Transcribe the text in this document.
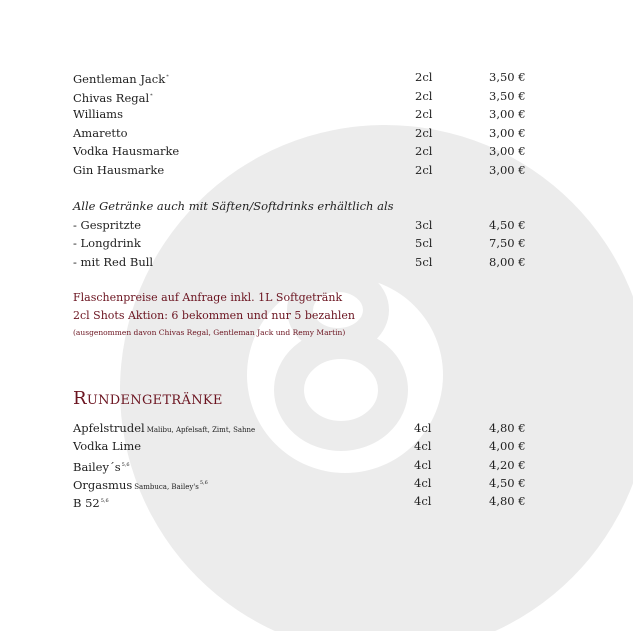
Gentleman Jack*	2cl	3,50 €
Chivas Regal*	2cl	3,50 €
Williams	2cl	3,00 €
Amaretto	2cl	3,00 €
Vodka Hausmarke	2cl	3,00 €
Gin Hausmarke	2cl	3,00 €
Alle Getränke auch mit Säften/Softdrinks erhältlich als
- Gespritzte	3cl	4,50 €
- Longdrink	5cl	7,50 €
- mit Red Bull	5cl	8,00 €
Flaschenpreise auf Anfrage inkl. 1L Softgetränk
2cl Shots Aktion: 6 bekommen und nur 5 bezahlen
(ausgenommen davon Chivas Regal, Gentleman Jack und Remy Martin)
Rundengetränke
Apfelstrudel Malibu, Apfelsaft, Zimt, Sahne	4cl	4,80 €
Vodka Lime	4cl	4,00 €
$Bailey´s^{5,6}$	4cl	4,20 €
Orgasmus Sambuca, $Bailey's^{5,6}$	4cl	4,50 €
B 52$^{5,6}$	4cl	4,80 €
